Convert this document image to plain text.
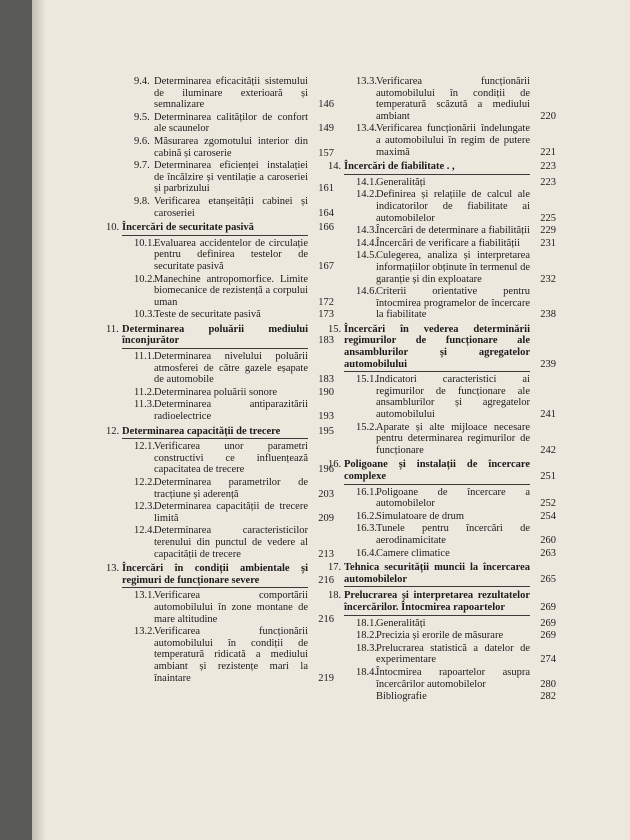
9.4. Determinarea eficacității sistemului de iluminare exterioară și semnalizare	146
9.5. Determinarea calităților de confort ale scaunelor	149
9.6. Măsurarea zgomotului interior din cabină și caroserie	157
9.7. Determinarea eficienței instalației de încălzire și ventilație a caroseriei și parbrizului	161
9.8. Verificarea etanșeității cabinei și caroseriei	164
10. Încercări de securitate pasivă	166
10.1. Evaluarea accidentelor de circulație pentru definirea testelor de securitate pasivă	167
10.2. Manechine antropomorfice. Limite biomecanice de rezistență a corpului uman	172
10.3. Teste de securitate pasivă	173
11. Determinarea poluării mediului înconjurător	183
11.1. Determinarea nivelului poluării atmosferei de către gazele eșapate de automobile	183
11.2. Determinarea poluării sonore	190
11.3. Determinarea antiparazitării radioelectrice	193
12. Determinarea capacității de trecere	195
12.1. Verificarea unor parametri constructivi ce influențează capacitatea de trecere	196
12.2. Determinarea parametrilor de tracțiune și aderență	203
12.3. Determinarea capacității de trecere limită	209
12.4. Determinarea caracteristicilor terenului din punctul de vedere al capacității de trecere	213
13. Încercări în condiții ambientale și regimuri de funcționare severe	216
13.1. Verificarea comportării automobilului în zone montane de mare altitudine	216
13.2. Verificarea funcționării automobilului în condiții de temperatură ridicată a mediului ambiant și rezistențe mari la înaintare	219
13.3. Verificarea funcționării automobilului în condiții de temperatură scăzută a mediului ambiant	220
13.4. Verificarea funcționării îndelungate a automobilului în regim de putere maximă	221
14. Încercări de fiabilitate . ,	223
14.1. Generalități	223
14.2. Definirea și relațiile de calcul ale indicatorilor de fiabilitate ai automobilelor	225
14.3. Încercări de determinare a fiabilității 229
14.4. Încercări de verificare a fiabilității	231
14.5. Culegerea, analiza și interpretarea informațiilor obținute în termenul de garanție și din exploatare	232
14.6. Criterii orientative pentru întocmirea programelor de încercare la fiabilitate	238
15. Încercări în vederea determinării regimurilor de funcționare ale ansamblurilor și agregatelor automobilului	239
15.1. Indicatori caracteristici ai regimurilor de funcționare ale ansamblurilor și agregatelor automobilului	241
15.2. Aparate și alte mijloace necesare pentru determinarea regimurilor de funcționare	242
16. Poligoane și instalații de încercare complexe	251
16.1. Poligoane de încercare a automobilelor	252
16.2. Simulatoare de drum	254
16.3. Tunele pentru încercări de aerodinamicitate	260
16.4. Camere climatice	263
17. Tehnica securității muncii la încercarea automobilelor	265
18. Prelucrarea și interpretarea rezultatelor încercărilor. Întocmirea rapoartelor	269
18.1. Generalități	269
18.2. Precizia și erorile de măsurare	269
18.3. Prelucrarea statistică a datelor de experimentare	274
18.4. Întocmirea rapoartelor asupra încercărilor automobilelor	280
Bibliografie	282
